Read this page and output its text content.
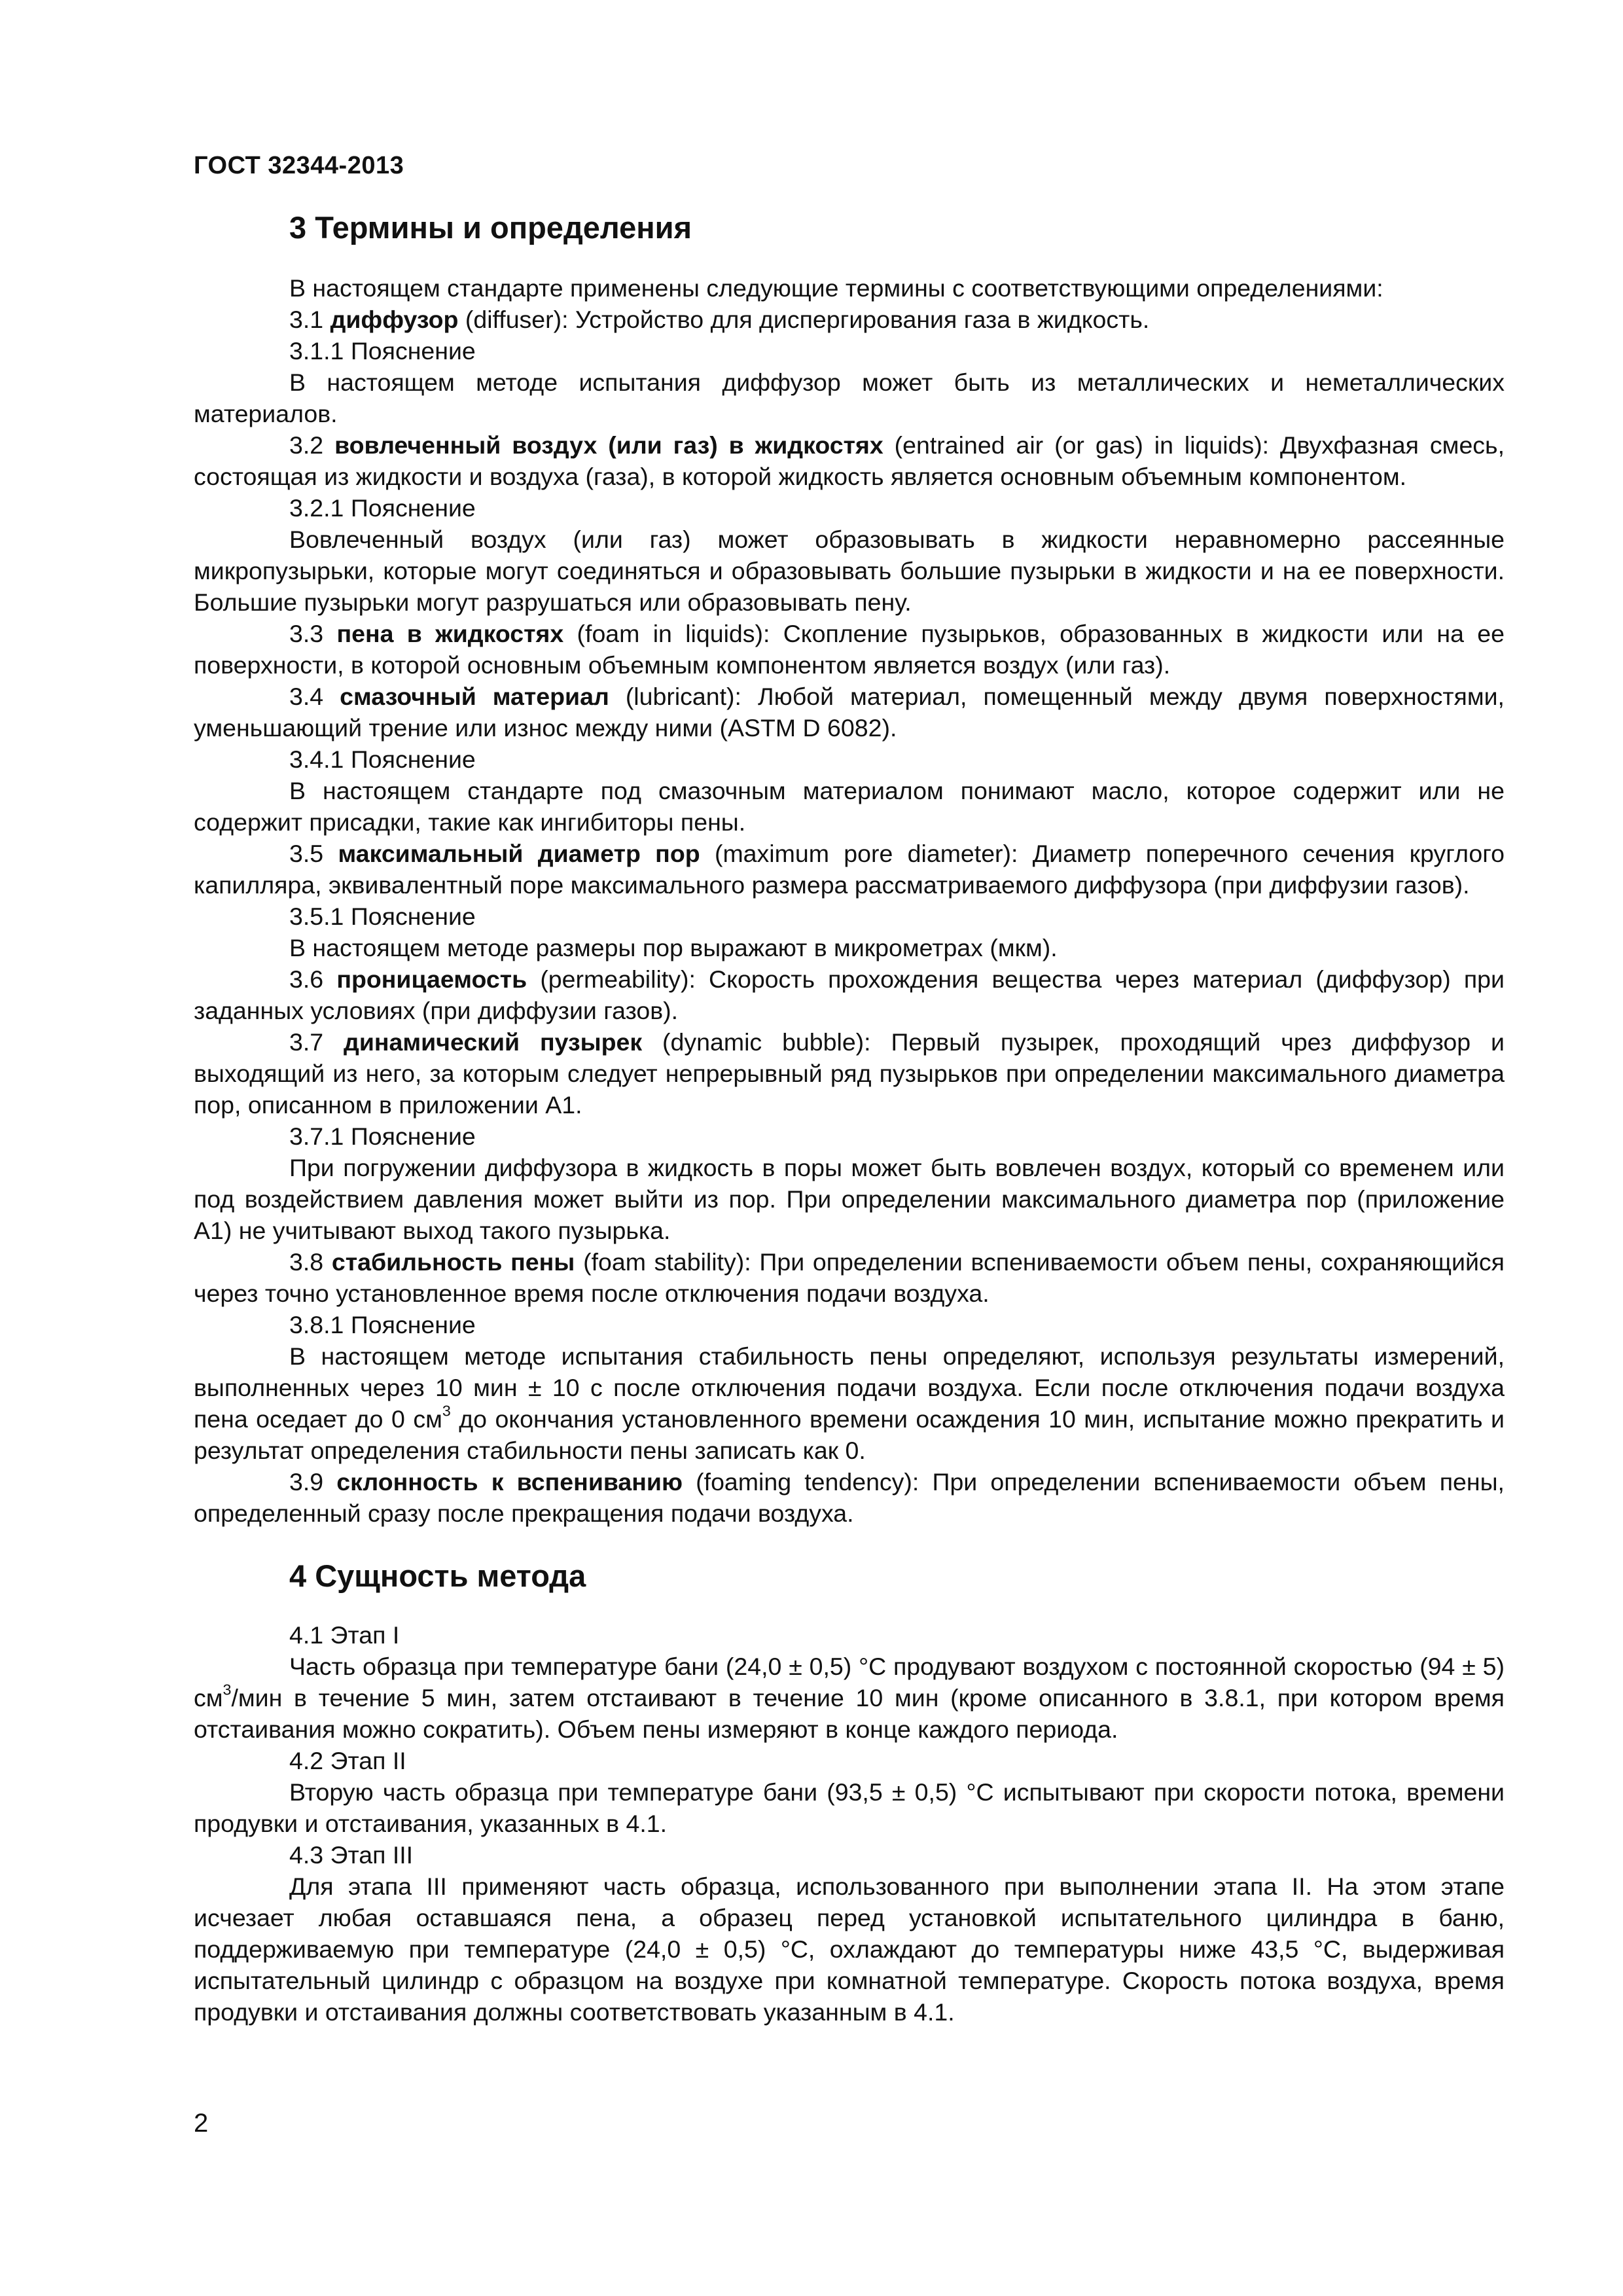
ГОСТ 32344-2013
3 Термины и определения

В настоящем стандарте применены следующие термины с соответствующими определениями:

3.1 диффузор (diffuser): Устройство для диспергирования газа в жидкость.

3.1.1 Пояснение

В настоящем методе испытания диффузор может быть из металлических и неметаллических материалов.

3.2 вовлеченный воздух (или газ) в жидкостях (entrained air (or gas) in liquids): Двухфазная смесь, состоящая из жидкости и воздуха (газа), в которой жидкость является основным объемным компонентом.

3.2.1 Пояснение

Вовлеченный воздух (или газ) может образовывать в жидкости неравномерно рассеянные микропузырьки, которые могут соединяться и образовывать большие пузырьки в жидкости и на ее поверхности. Большие пузырьки могут разрушаться или образовывать пену.

3.3 пена в жидкостях (foam in liquids): Скопление пузырьков, образованных в жидкости или на ее поверхности, в которой основным объемным компонентом является воздух (или газ).

3.4 смазочный материал (lubricant): Любой материал, помещенный между двумя поверхностями, уменьшающий трение или износ между ними (ASTM D 6082).

3.4.1 Пояснение

В настоящем стандарте под смазочным материалом понимают масло, которое содержит или не содержит присадки, такие как ингибиторы пены.

3.5 максимальный диаметр пор (maximum pore diameter): Диаметр поперечного сечения круглого капилляра, эквивалентный поре максимального размера рассматриваемого диффузора (при диффузии газов).

3.5.1 Пояснение

В настоящем методе размеры пор выражают в микрометрах (мкм).

3.6 проницаемость (permeability): Скорость прохождения вещества через материал (диффузор) при заданных условиях (при диффузии газов).

3.7 динамический пузырек (dynamic bubble): Первый пузырек, проходящий чрез диффузор и выходящий из него, за которым следует непрерывный ряд пузырьков при определении максимального диаметра пор, описанном в приложении А1.

3.7.1 Пояснение

При погружении диффузора в жидкость в поры может быть вовлечен воздух, который со временем или под воздействием давления может выйти из пор. При определении максимального диаметра пор (приложение А1) не учитывают выход такого пузырька.

3.8 стабильность пены (foam stability): При определении вспениваемости объем пены, сохраняющийся через точно установленное время после отключения подачи воздуха.

3.8.1 Пояснение

В настоящем методе испытания стабильность пены определяют, используя результаты измерений, выполненных через 10 мин ± 10 с после отключения подачи воздуха. Если после отключения подачи воздуха пена оседает до 0 $см^3$ до окончания установленного времени осаждения 10 мин, испытание можно прекратить и результат определения стабильности пены записать как 0.

3.9 склонность к вспениванию (foaming tendency): При определении вспениваемости объем пены, определенный сразу после прекращения подачи воздуха.

4 Сущность метода

4.1 Этап I

Часть образца при температуре бани (24,0 ± 0,5) °С продувают воздухом с постоянной скоростью (94 ± 5) $см^3$/мин в течение 5 мин, затем отстаивают в течение 10 мин (кроме описанного в 3.8.1, при котором время отстаивания можно сократить). Объем пены измеряют в конце каждого периода.

4.2 Этап II

Вторую часть образца при температуре бани (93,5 ± 0,5) °С испытывают при скорости потока, времени продувки и отстаивания, указанных в 4.1.

4.3 Этап III

Для этапа III применяют часть образца, использованного при выполнении этапа II. На этом этапе исчезает любая оставшаяся пена, а образец перед установкой испытательного цилиндра в баню, поддерживаемую при температуре (24,0 ± 0,5) °С, охлаждают до температуры ниже 43,5 °С, выдерживая испытательный цилиндр с образцом на воздухе при комнатной температуре. Скорость потока воздуха, время продувки и отстаивания должны соответствовать указанным в 4.1.

2
